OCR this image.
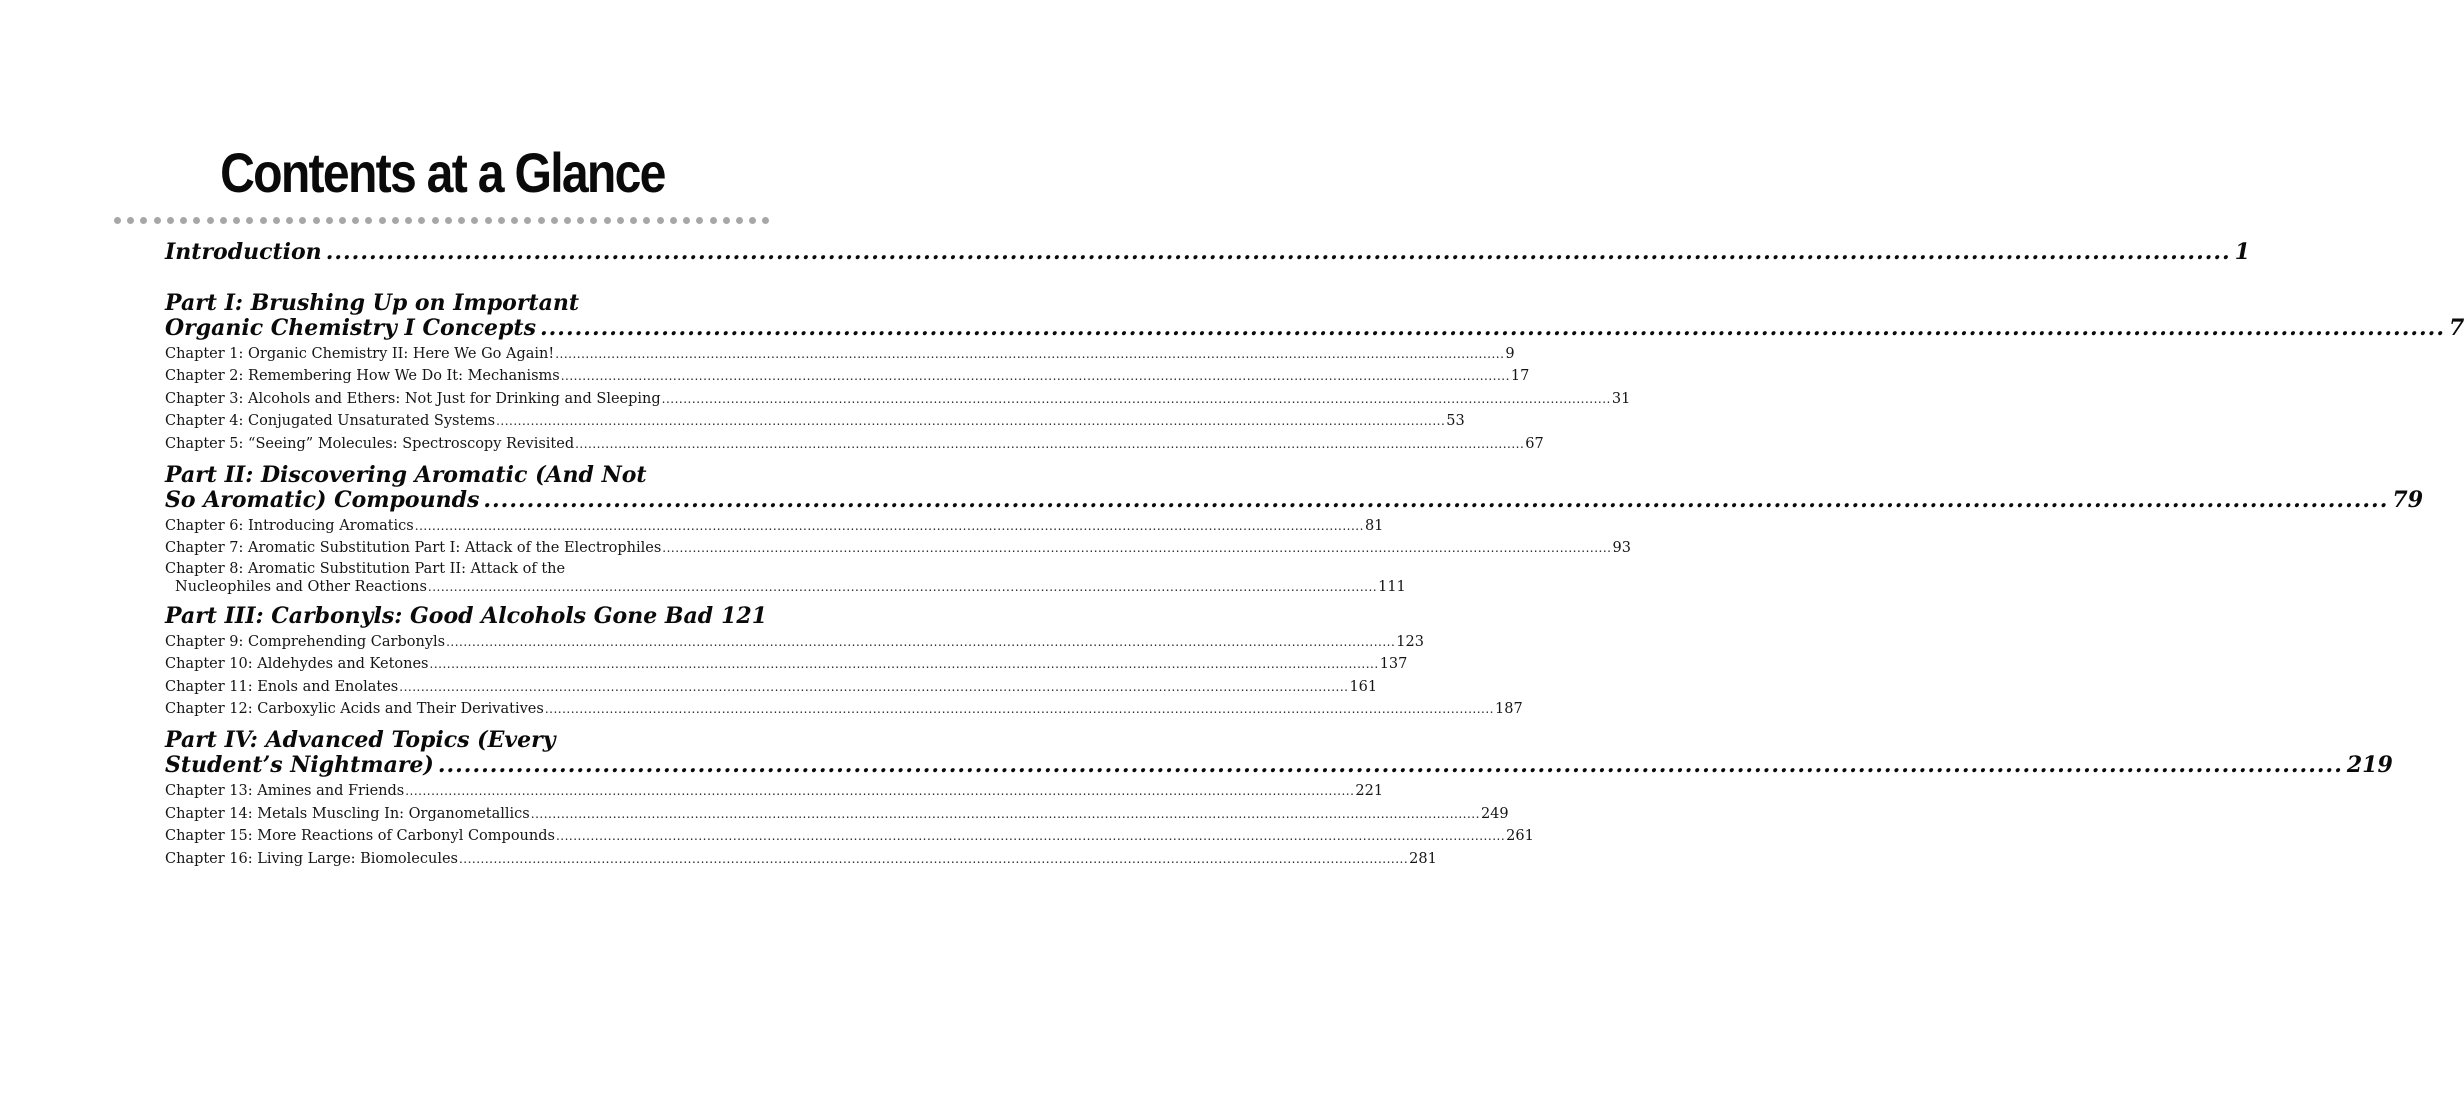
Contents at a Glance
Introduction ............................................................................................................................................................................................................................ 1
Part I: Brushing Up on Important
Organic Chemistry I Concepts ............................................................................................................................................................................................................................ 7
Chapter 1: Organic Chemistry II: Here We Go Again! ............................................................................................................................................................................................................................ 9
Chapter 2: Remembering How We Do It: Mechanisms ............................................................................................................................................................................................................................ 17
Chapter 3: Alcohols and Ethers: Not Just for Drinking and Sleeping ............................................................................................................................................................................................................................ 31
Chapter 4: Conjugated Unsaturated Systems ............................................................................................................................................................................................................................ 53
Chapter 5: “Seeing” Molecules: Spectroscopy Revisited ............................................................................................................................................................................................................................ 67
Part II: Discovering Aromatic (And Not
So Aromatic) Compounds ............................................................................................................................................................................................................................ 79
Chapter 6: Introducing Aromatics ............................................................................................................................................................................................................................ 81
Chapter 7: Aromatic Substitution Part I: Attack of the Electrophiles ............................................................................................................................................................................................................................ 93
Chapter 8: Aromatic Substitution Part II: Attack of the
Nucleophiles and Other Reactions ............................................................................................................................................................................................................................ 111
Part III: Carbonyls: Good Alcohols Gone Bad 121
Chapter 9: Comprehending Carbonyls ............................................................................................................................................................................................................................ 123
Chapter 10: Aldehydes and Ketones ............................................................................................................................................................................................................................ 137
Chapter 11: Enols and Enolates ............................................................................................................................................................................................................................ 161
Chapter 12: Carboxylic Acids and Their Derivatives ............................................................................................................................................................................................................................ 187
Part IV: Advanced Topics (Every
Student’s Nightmare) ............................................................................................................................................................................................................................ 219
Chapter 13: Amines and Friends ............................................................................................................................................................................................................................ 221
Chapter 14: Metals Muscling In: Organometallics ............................................................................................................................................................................................................................ 249
Chapter 15: More Reactions of Carbonyl Compounds ............................................................................................................................................................................................................................ 261
Chapter 16: Living Large: Biomolecules ............................................................................................................................................................................................................................ 281
